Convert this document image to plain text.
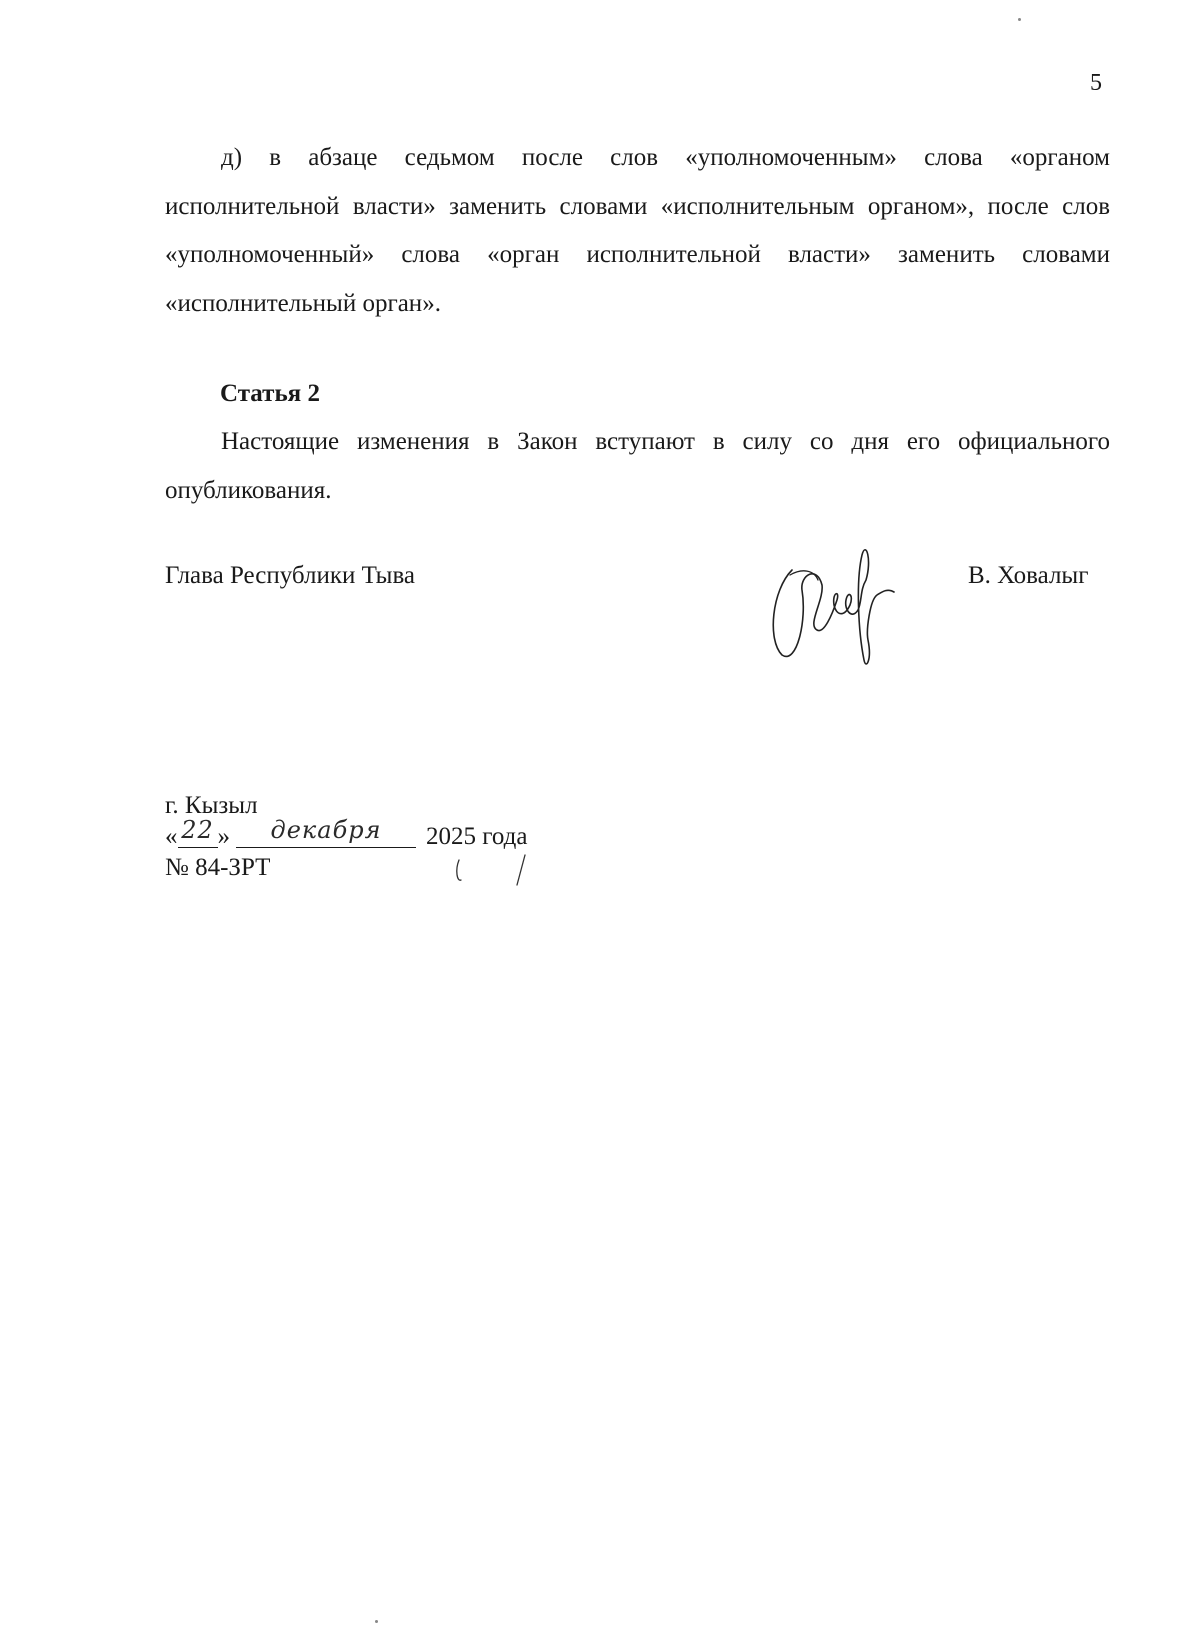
5
д) в абзаце седьмом после слов «уполномоченным» слова «органом исполнительной власти» заменить словами «исполнительным органом», после слов «уполномоченный» слова «орган исполнительной власти» заменить словами «исполнительный орган».
Статья 2
Настоящие изменения в Закон вступают в силу со дня его официального опубликования.
Глава Республики Тыва	В. Ховалыг
г. Кызыл
« 22 » декабря 2025 года
№ 84-ЗРТ
